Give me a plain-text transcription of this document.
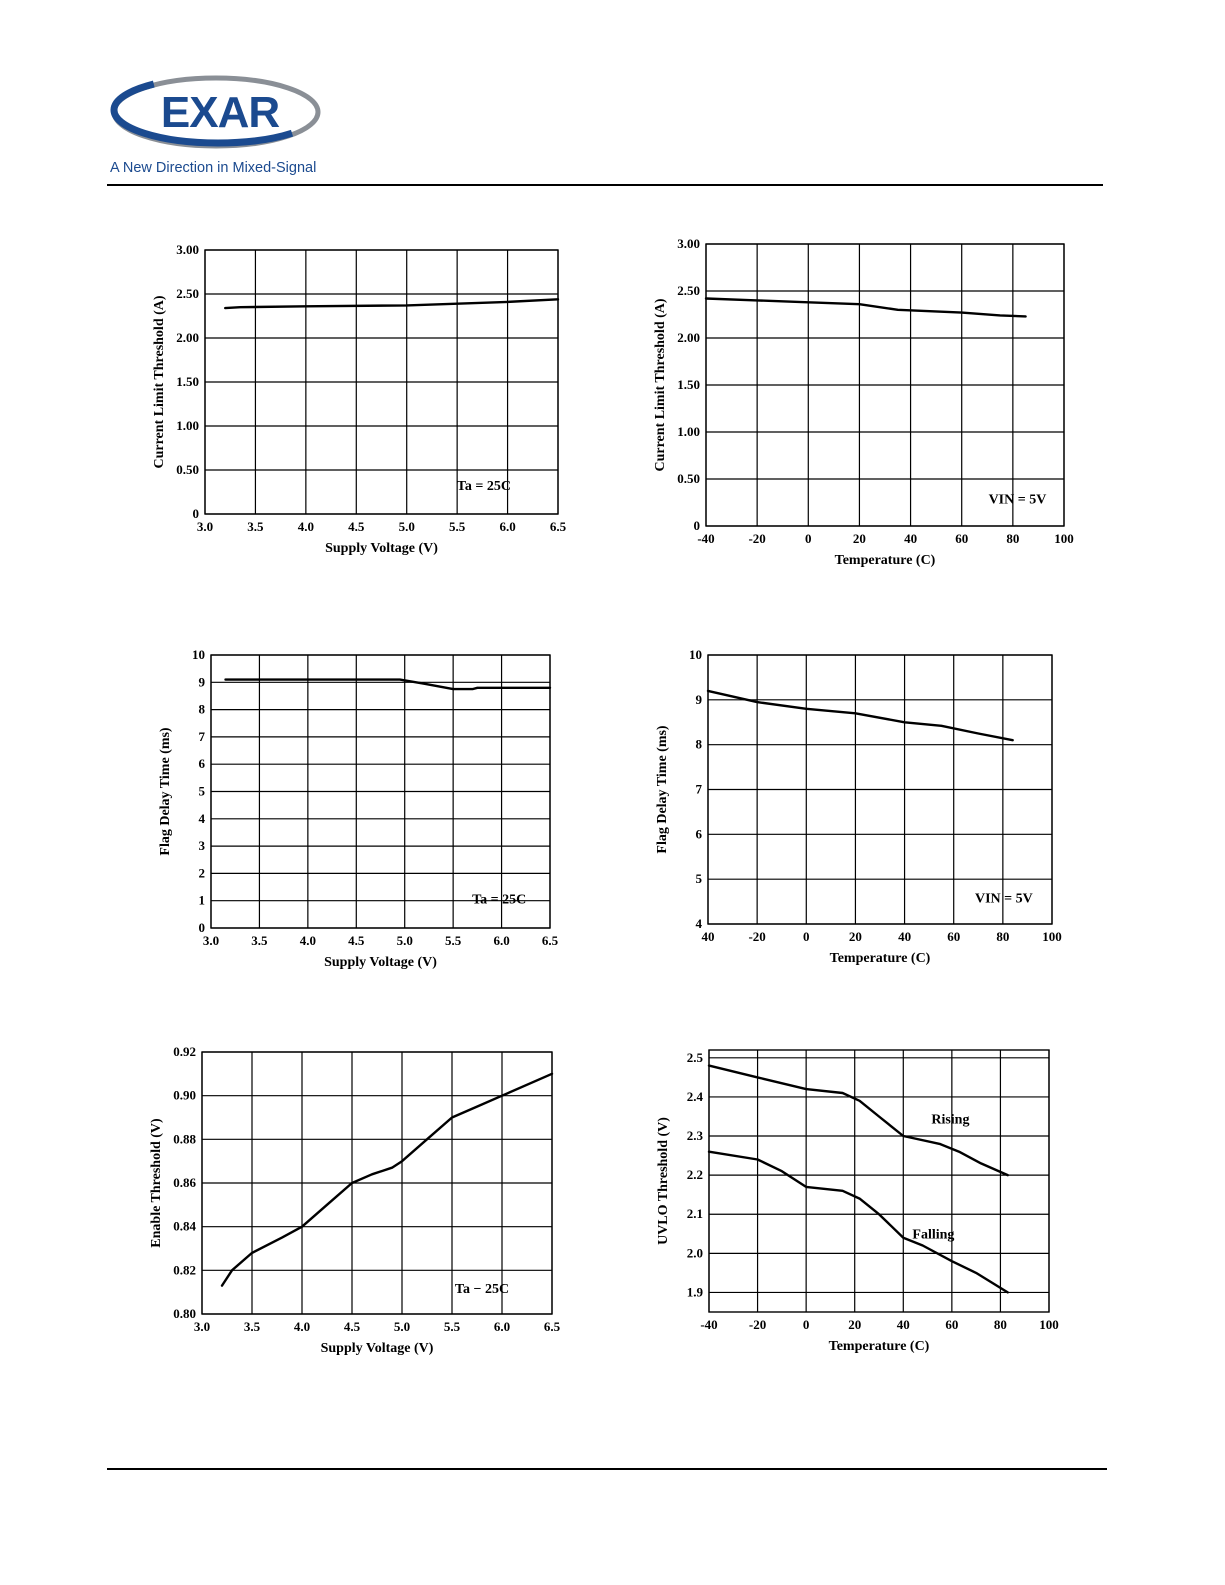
EXAR
A New Direction in Mixed-Signal
3.0	3.5	4.0	4.5	5.0	5.5	6.0	6.5
0
0.50
1.00
1.50
2.00
2.50
3.00
Supply Voltage (V)
Current Limit Threshold (A)
Ta = 25C
-40	-20	0	20	40	60	80	100
0
0.50
1.00
1.50
2.00
2.50
3.00
Temperature (C)
Current Limit Threshold (A)
VIN = 5V
3.0 3.5 4.0 4.5 5.0 5.5 6.0 6.5
0
1
2
3
4
5
6
7
8
9
10
Supply Voltage (V)
Flag Delay Time (ms)
Ta = 25C
40	-20	0	20	40	60	80	100
4
5
6
7
8
9
10
Temperature (C)
Flag Delay Time (ms)
VIN = 5V
3.0	3.5	4.0	4.5	5.0	5.5	6.0	6.5
0.80
0.82
0.84
0.86
0.88
0.90
0.92
Supply Voltage (V)
Enable Threshold (V)
Ta − 25C
-40 -20	0	20	40	60	80 100
1.9
2.0
2.1
2.2
2.3
2.4
2.5
Temperature (C)
UVLO Threshold (V)	Rising
Falling
